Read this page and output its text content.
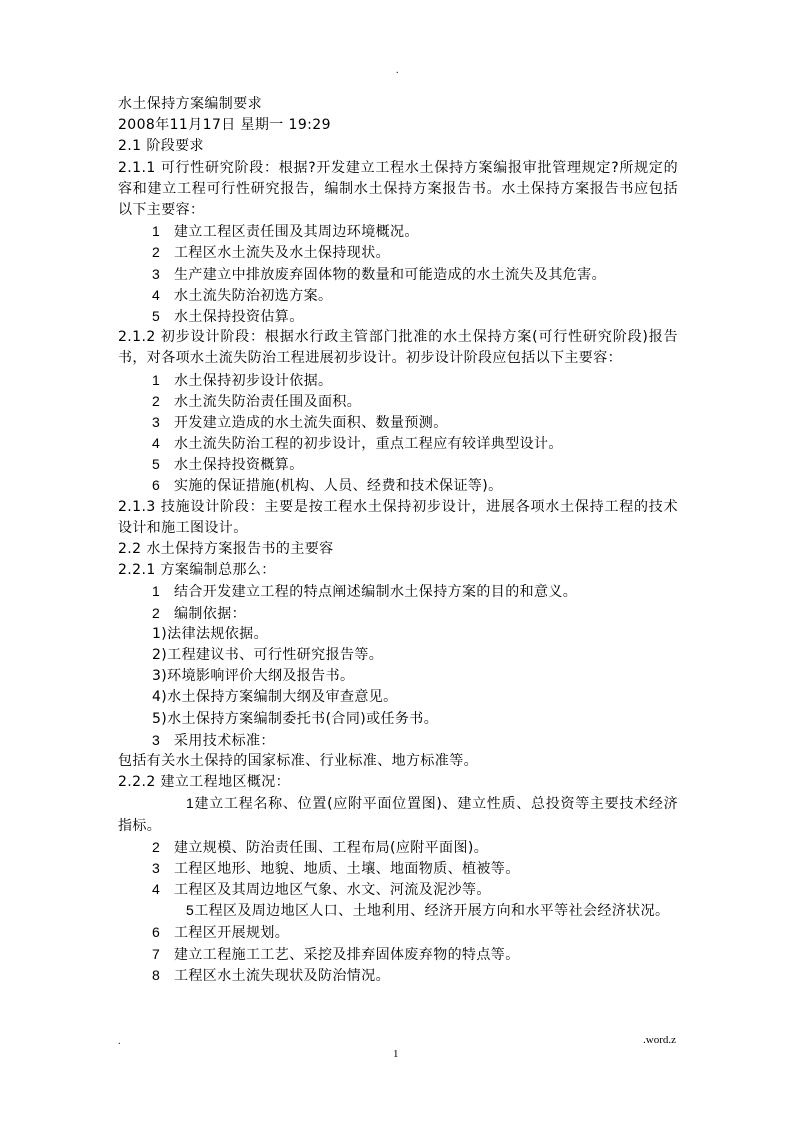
.
水土保持方案编制要求
2008年11月17日 星期一 19:29
2.1 阶段要求
2.1.1 可行性研究阶段：根据?开发建立工程水土保持方案编报审批管理规定?所规定的容和建立工程可行性研究报告，编制水土保持方案报告书。水土保持方案报告书应包括以下主要容：
1 建立工程区责任围及其周边环境概况。
2 工程区水土流失及水土保持现状。
3 生产建立中排放废弃固体物的数量和可能造成的水土流失及其危害。
4 水土流失防治初选方案。
5 水土保持投资估算。
2.1.2 初步设计阶段：根据水行政主管部门批准的水土保持方案(可行性研究阶段)报告书，对各项水土流失防治工程进展初步设计。初步设计阶段应包括以下主要容：
1 水土保持初步设计依据。
2 水土流失防治责任围及面积。
3 开发建立造成的水土流失面积、数量预测。
4 水土流失防治工程的初步设计，重点工程应有较详典型设计。
5 水土保持投资概算。
6 实施的保证措施(机构、人员、经费和技术保证等)。
2.1.3 技施设计阶段：主要是按工程水土保持初步设计，进展各项水土保持工程的技术设计和施工图设计。
2.2 水土保持方案报告书的主要容
2.2.1 方案编制总那么：
1 结合开发建立工程的特点阐述编制水土保持方案的目的和意义。
2 编制依据：
1)法律法规依据。
2)工程建议书、可行性研究报告等。
3)环境影响评价大纲及报告书。
4)水土保持方案编制大纲及审查意见。
5)水土保持方案编制委托书(合同)或任务书。
3 采用技术标准：
包括有关水土保持的国家标准、行业标准、地方标准等。
2.2.2 建立工程地区概况：
1建立工程名称、位置(应附平面位置图)、建立性质、总投资等主要技术经济指标。
2 建立规模、防治责任围、工程布局(应附平面图)。
3 工程区地形、地貌、地质、土壤、地面物质、植被等。
4 工程区及其周边地区气象、水文、河流及泥沙等。
5工程区及周边地区人口、土地利用、经济开展方向和水平等社会经济状况。
6 工程区开展规划。
7 建立工程施工工艺、采挖及排弃固体废弃物的特点等。
8 工程区水土流失现状及防治情况。
.	.word.z
1
